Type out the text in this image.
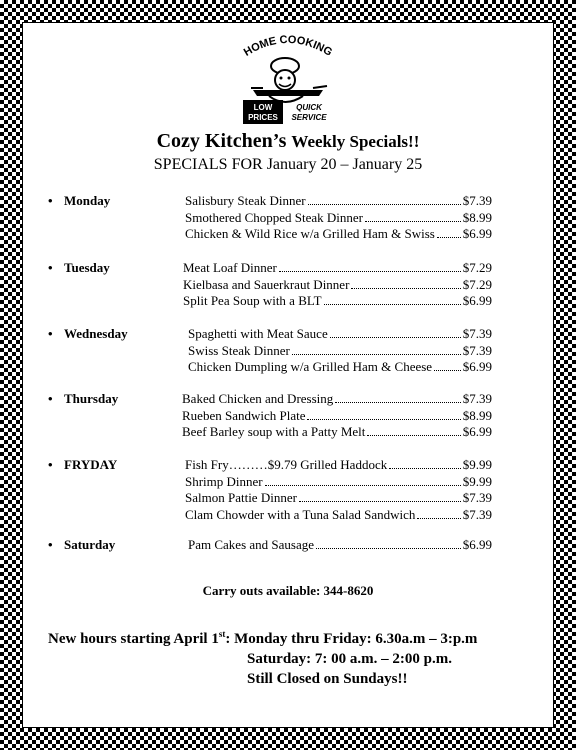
HOME COOKING
LOW
PRICES
QUICK
SERVICE
Cozy Kitchen’s Weekly Specials!!
SPECIALS FOR January 20 – January 25
• Monday	Salisbury Steak Dinner	$7.39
Smothered Chopped Steak Dinner	$8.99
Chicken & Wild Rice w/a Grilled Ham & Swiss $6.99
• Tuesday	Meat Loaf Dinner	$7.29
Kielbasa and Sauerkraut Dinner	$7.29
Split Pea Soup with a BLT	$6.99
• Wednesday	Spaghetti with Meat Sauce	$7.39
Swiss Steak Dinner	$7.39
Chicken Dumpling w/a Grilled Ham & Cheese $6.99
• Thursday	Baked Chicken and Dressing	$7.39
Rueben Sandwich Plate	$8.99
Beef Barley soup with a Patty Melt	$6.99
• FRYDAY	Fish Fry………$9.79 Grilled Haddock	$9.99
Shrimp Dinner	$9.99
Salmon Pattie Dinner	$7.39
Clam Chowder with a Tuna Salad Sandwich	$7.39
• Saturday	Pam Cakes and Sausage	$6.99
Carry outs available: 344-8620
New hours starting April 1st: Monday thru Friday: 6.30a.m – 3:p.m
Saturday: 7: 00 a.m. – 2:00 p.m.
Still Closed on Sundays!!
